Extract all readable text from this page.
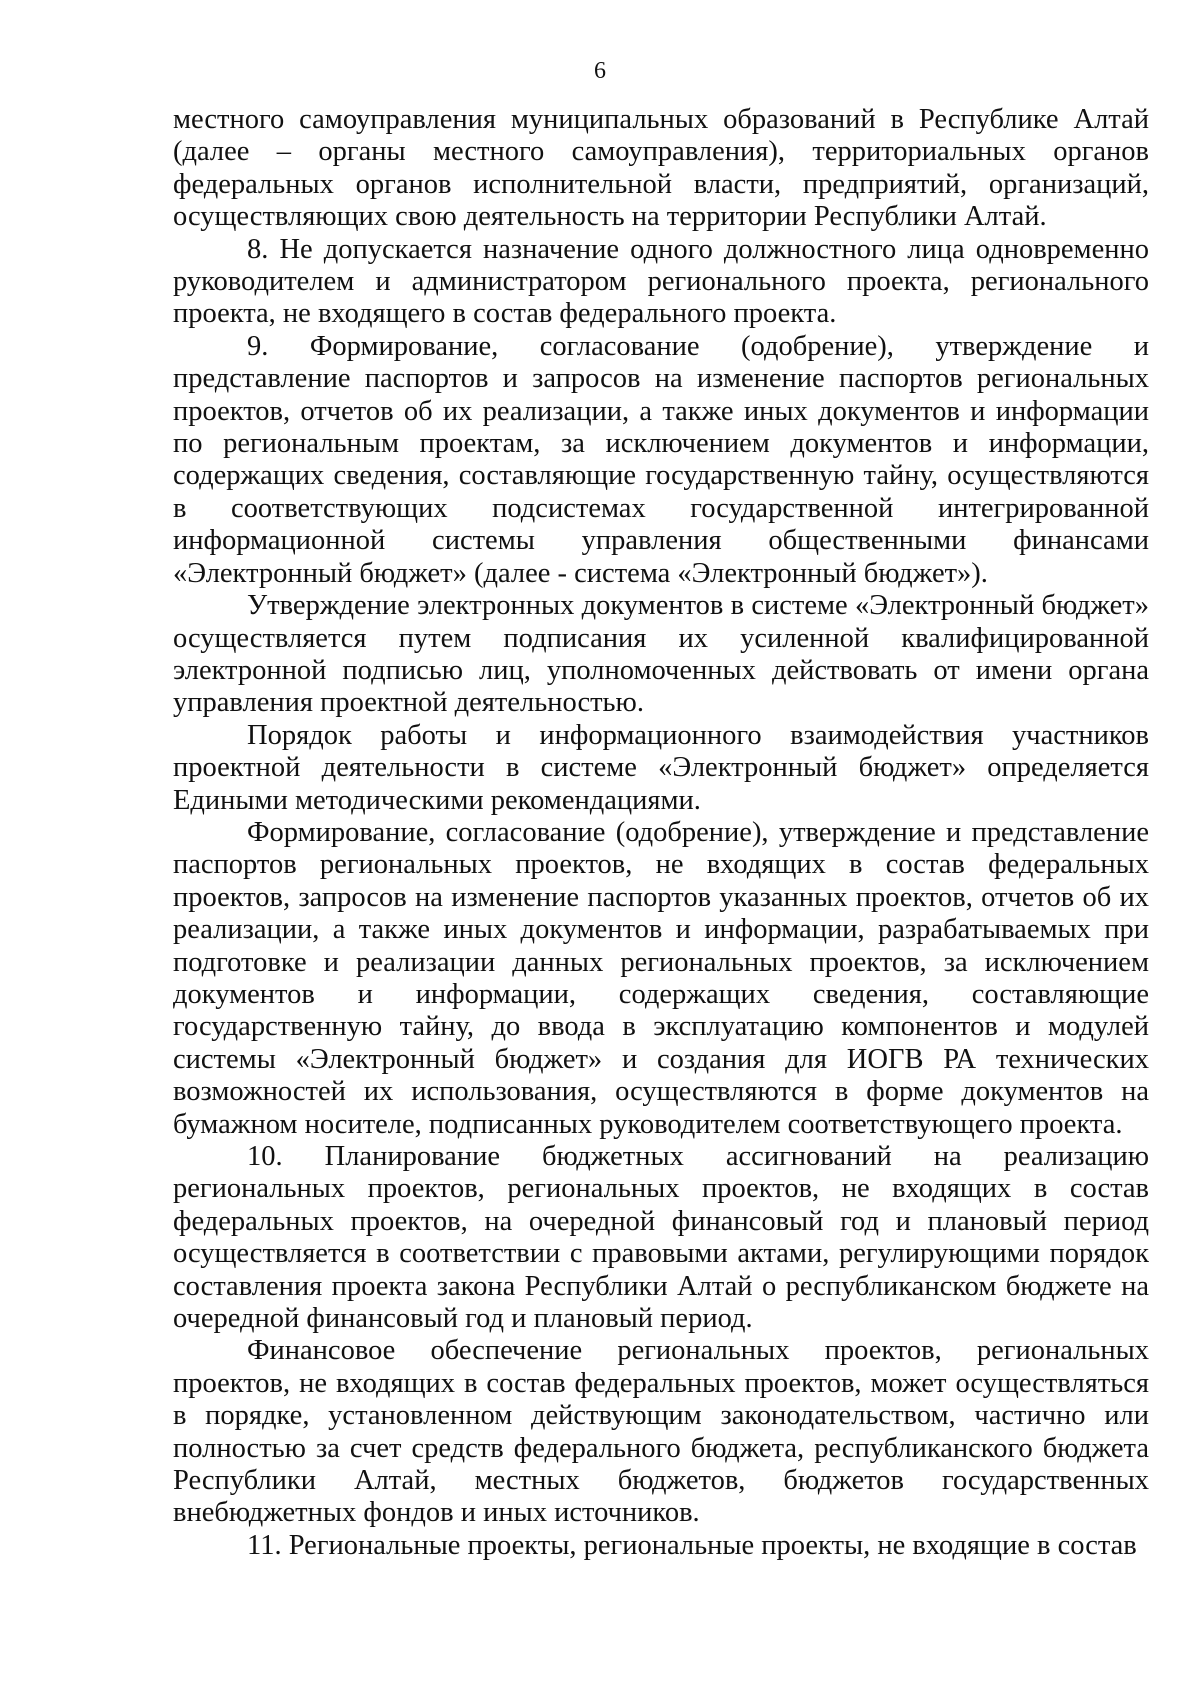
6

местного самоуправления муниципальных образований в Республике Алтай (далее – органы местного самоуправления), территориальных органов федеральных органов исполнительной власти, предприятий, организаций, осуществляющих свою деятельность на территории Республики Алтай.

8. Не допускается назначение одного должностного лица одновременно руководителем и администратором регионального проекта, регионального проекта, не входящего в состав федерального проекта.

9. Формирование, согласование (одобрение), утверждение и представление паспортов и запросов на изменение паспортов региональных проектов, отчетов об их реализации, а также иных документов и информации по региональным проектам, за исключением документов и информации, содержащих сведения, составляющие государственную тайну, осуществляются в соответствующих подсистемах государственной интегрированной информационной системы управления общественными финансами «Электронный бюджет» (далее - система «Электронный бюджет»).

Утверждение электронных документов в системе «Электронный бюджет» осуществляется путем подписания их усиленной квалифицированной электронной подписью лиц, уполномоченных действовать от имени органа управления проектной деятельностью.

Порядок работы и информационного взаимодействия участников проектной деятельности в системе «Электронный бюджет» определяется Едиными методическими рекомендациями.

Формирование, согласование (одобрение), утверждение и представление паспортов региональных проектов, не входящих в состав федеральных проектов, запросов на изменение паспортов указанных проектов, отчетов об их реализации, а также иных документов и информации, разрабатываемых при подготовке и реализации данных региональных проектов, за исключением документов и информации, содержащих сведения, составляющие государственную тайну, до ввода в эксплуатацию компонентов и модулей системы «Электронный бюджет» и создания для ИОГВ РА технических возможностей их использования, осуществляются в форме документов на бумажном носителе, подписанных руководителем соответствующего проекта.

10. Планирование бюджетных ассигнований на реализацию региональных проектов, региональных проектов, не входящих в состав федеральных проектов, на очередной финансовый год и плановый период осуществляется в соответствии с правовыми актами, регулирующими порядок составления проекта закона Республики Алтай о республиканском бюджете на очередной финансовый год и плановый период.

Финансовое обеспечение региональных проектов, региональных проектов, не входящих в состав федеральных проектов, может осуществляться в порядке, установленном действующим законодательством, частично или полностью за счет средств федерального бюджета, республиканского бюджета Республики Алтай, местных бюджетов, бюджетов государственных внебюджетных фондов и иных источников.

11. Региональные проекты, региональные проекты, не входящие в состав
